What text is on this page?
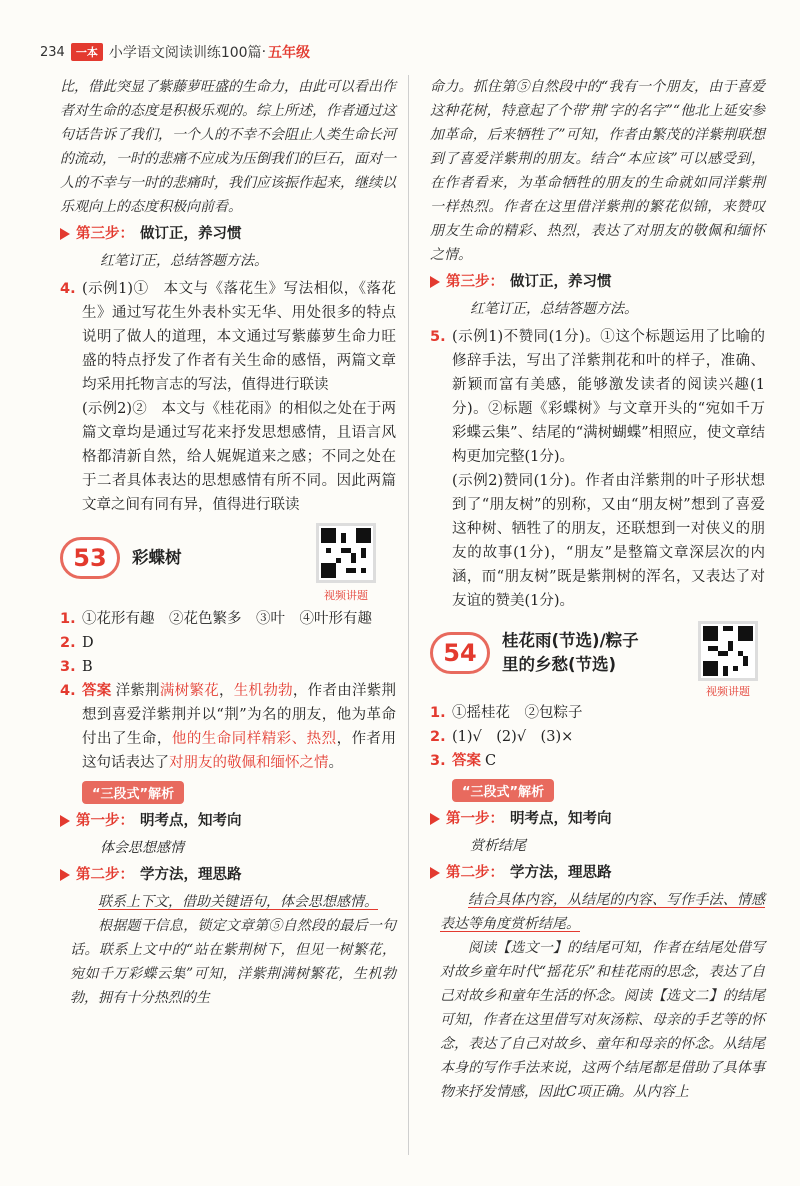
234	一本 小学语文阅读训练100篇 · 五年级

比，借此突显了紫藤萝旺盛的生命力，由此可以看出作者对生命的态度是积极乐观的。综上所述，作者通过这句话告诉了我们，一个人的不幸不会阻止人类生命长河的流动，一时的悲痛不应成为压倒我们的巨石，面对一人的不幸与一时的悲痛时，我们应该振作起来，继续以乐观向上的态度积极向前看。

第三步： 做订正，养习惯

红笔订正，总结答题方法。

4. (示例1)①　本文与《落花生》写法相似，《落花生》通过写花生外表朴实无华、用处很多的特点说明了做人的道理，本文通过写紫藤萝生命力旺盛的特点抒发了作者有关生命的感悟，两篇文章均采用托物言志的写法，值得进行联读

(示例2)②　本文与《桂花雨》的相似之处在于两篇文章均是通过写花来抒发思想感情，且语言风格都清新自然，给人娓娓道来之感；不同之处在于二者具体表达的思想感情有所不同。因此两篇文章之间有同有异，值得进行联读

53	彩蝶树
视频讲题
1. ①花形有趣　②花色繁多　③叶　④叶形有趣
2. D
3. B
4. 答案 洋紫荆满树繁花，生机勃勃，作者由洋紫荆想到喜爱洋紫荆并以“荆”为名的朋友，他为革命付出了生命，他的生命同样精彩、热烈，作者用这句话表达了对朋友的敬佩和缅怀之情。

“三段式”解析
第一步： 明考点，知考向

体会思想感情

第二步： 学方法，理思路

联系上下文，借助关键语句，体会思想感情。

根据题干信息，锁定文章第⑤自然段的最后一句话。联系上文中的“站在紫荆树下，但见一树繁花，宛如千万彩蝶云集”可知，洋紫荆满树繁花，生机勃勃，拥有十分热烈的生

命力。抓住第⑤自然段中的“我有一个朋友，由于喜爱这种花树，特意起了个带‘荆’字的名字”“他北上延安参加革命，后来牺牲了”可知，作者由繁茂的洋紫荆联想到了喜爱洋紫荆的朋友。结合“本应该”可以感受到，在作者看来，为革命牺牲的朋友的生命就如同洋紫荆一样热烈。作者在这里借洋紫荆的繁花似锦，来赞叹朋友生命的精彩、热烈，表达了对朋友的敬佩和缅怀之情。

第三步： 做订正，养习惯

红笔订正，总结答题方法。

5. (示例1)不赞同(1分)。①这个标题运用了比喻的修辞手法，写出了洋紫荆花和叶的样子，准确、新颖而富有美感，能够激发读者的阅读兴趣(1分)。②标题《彩蝶树》与文章开头的“宛如千万彩蝶云集”、结尾的“满树蝴蝶”相照应，使文章结构更加完整(1分)。

(示例2)赞同(1分)。作者由洋紫荆的叶子形状想到了“朋友树”的别称，又由“朋友树”想到了喜爱这种树、牺牲了的朋友，还联想到一对侠义的朋友的故事(1分)，“朋友”是整篇文章深层次的内涵，而“朋友树”既是紫荆树的浑名，又表达了对友谊的赞美(1分)。

54	桂花雨(节选)/粽子
里的乡愁(节选)
视频讲题
1. ①摇桂花　②包粽子
2. (1)√　(2)√　(3)×
3. 答案 C
“三段式”解析
第一步： 明考点，知考向

赏析结尾

第二步： 学方法，理思路

结合具体内容，从结尾的内容、写作手法、情感表达等角度赏析结尾。

阅读【选文一】的结尾可知，作者在结尾处借写对故乡童年时代“摇花乐”和桂花雨的思念，表达了自己对故乡和童年生活的怀念。阅读【选文二】的结尾可知，作者在这里借写对灰汤粽、母亲的手艺等的怀念，表达了自己对故乡、童年和母亲的怀念。从结尾本身的写作手法来说，这两个结尾都是借助了具体事物来抒发情感，因此C项正确。从内容上
